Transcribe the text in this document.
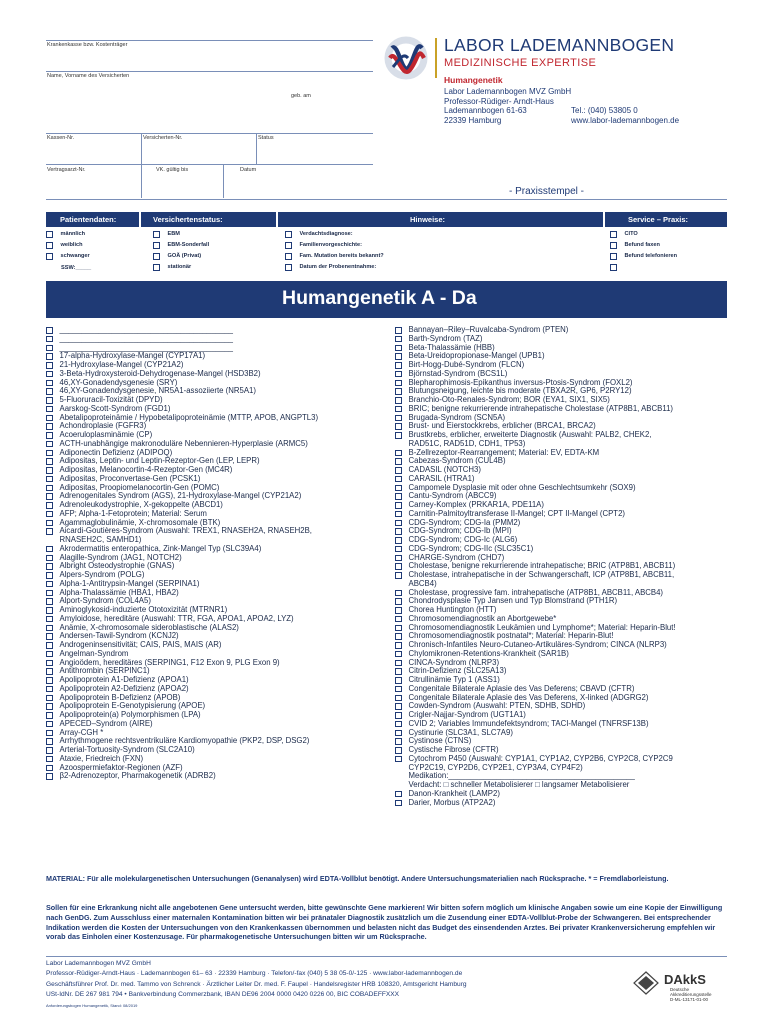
Krankenkasse bzw. Kostenträger
Name, Vorname des Versicherten
geb. am
Kassen-Nr.	Versicherten-Nr.	Status
Vertragsarzt-Nr.	VK. gültig bis	Datum
LABOR LADEMANNBOGEN
MEDIZINISCHE EXPERTISE
Humangenetik
Labor Lademannbogen MVZ GmbH
Professor-Rüdiger- Arndt-Haus
Lademannbogen 61-63
22339 Hamburg
Tel.: (040) 53805 0
www.labor-lademannbogen.de
- Praxisstempel -
Patientendaten:	Versichertenstatus:	Hinweise:	Service – Praxis:
männlich
weiblich
schwanger
SSW:_____
EBM
EBM-Sonderfall
GOÄ (Privat)
stationär
Verdachtsdiagnose:
Familienvorgeschichte:
Fam. Mutation bereits bekannt?
Datum der Probenentnahme:
CITO
Befund faxen
Befund telefonieren
Humangenetik A - Da
________________________________________
________________________________________
________________________________________
17-alpha-Hydroxylase-Mangel (CYP17A1)
21-Hydroxylase-Mangel (CYP21A2)
3-Beta-Hydroxysteroid-Dehydrogenase-Mangel (HSD3B2)
46,XY-Gonadendysgenesie (SRY)
46,XY-Gonadendysgenesie, NR5A1-assoziierte (NR5A1)
5-Fluoruracil-Toxizität (DPYD)
Aarskog-Scott-Syndrom (FGD1)
Abetalipoproteinämie / Hypobetalipoproteinämie (MTTP, APOB, ANGPTL3)
Achondroplasie (FGFR3)
Acoeruloplasminämie (CP)
ACTH-unabhängige makronoduläre Nebennieren-Hyperplasie (ARMC5)
Adiponectin Defizienz (ADIPOQ)
Adipositas, Leptin- und Leptin-Rezeptor-Gen (LEP, LEPR)
Adipositas, Melanocortin-4-Rezeptor-Gen (MC4R)
Adipositas, Proconvertase-Gen (PCSK1)
Adipositas, Proopiomelanocortin-Gen (POMC)
Adrenogenitales Syndrom (AGS), 21-Hydroxylase-Mangel (CYP21A2)
Adrenoleukodystrophie, X-gekoppelte (ABCD1)
AFP; Alpha-1-Fetoprotein; Material: Serum
Agammaglobulinämie, X-chromosomale (BTK)
Aicardi-Goutières-Syndrom (Auswahl: TREX1, RNASEH2A, RNASEH2B,
RNASEH2C, SAMHD1)
Akrodermatitis enteropathica, Zink-Mangel Typ (SLC39A4)
Alagille-Syndrom (JAG1, NOTCH2)
Albright Osteodystrophie (GNAS)
Alpers-Syndrom (POLG)
Alpha-1-Antitrypsin-Mangel (SERPINA1)
Alpha-Thalassämie (HBA1, HBA2)
Alport-Syndrom (COL4A5)
Aminoglykosid-induzierte Ototoxizität (MTRNR1)
Amyloidose, hereditäre (Auswahl: TTR, FGA, APOA1, APOA2, LYZ)
Anämie, X-chromosomale sideroblastische (ALAS2)
Andersen-Tawil-Syndrom (KCNJ2)
Androgeninsensitivität; CAIS, PAIS, MAIS (AR)
Angelman-Syndrom
Angioödem, hereditäres (SERPING1, F12 Exon 9, PLG Exon 9)
Antithrombin (SERPINC1)
Apolipoprotein A1-Defizienz (APOA1)
Apolipoprotein A2-Defizienz (APOA2)
Apolipoprotein B-Defizienz (APOB)
Apolipoprotein E-Genotypisierung (APOE)
Apolipoprotein(a) Polymorphismen (LPA)
APECED–Syndrom (AIRE)
Array-CGH *
Arrhythmogene rechtsventrikuläre Kardiomyopathie (PKP2, DSP, DSG2)
Arterial-Tortuosity-Syndrom (SLC2A10)
Ataxie, Friedreich (FXN)
Azoospermiefaktor-Regionen (AZF)
β2-Adrenozeptor, Pharmakogenetik (ADRB2)
Bannayan–Riley–Ruvalcaba-Syndrom (PTEN)
Barth-Syndrom (TAZ)
Beta-Thalassämie (HBB)
Beta-Ureidopropionase-Mangel (UPB1)
Birt-Hogg-Dubé-Syndrom (FLCN)
Björnstad-Syndrom (BCS1L)
Blepharophimosis-Epikanthus inversus-Ptosis-Syndrom (FOXL2)
Blutungsneigung, leichte bis moderate (TBXA2R, GP6, P2RY12)
Branchio-Oto-Renales-Syndrom; BOR (EYA1, SIX1, SIX5)
BRIC; benigne rekurrierende intrahepatische Cholestase (ATP8B1, ABCB11)
Brugada-Syndrom (SCN5A)
Brust- und Eierstockkrebs, erblicher (BRCA1, BRCA2)
Brustkrebs, erblicher, erweiterte Diagnostik (Auswahl: PALB2, CHEK2,
RAD51C, RAD51D, CDH1, TP53)
B-Zellrezeptor-Rearrangement; Material: EV, EDTA-KM
Cabezas-Syndrom (CUL4B)
CADASIL (NOTCH3)
CARASIL (HTRA1)
Campomele Dysplasie mit oder ohne Geschlechtsumkehr (SOX9)
Cantu-Syndrom (ABCC9)
Carney-Komplex (PRKAR1A, PDE11A)
Carnitin-Palmitoyltransferase II-Mangel; CPT II-Mangel (CPT2)
CDG-Syndrom; CDG-Ia (PMM2)
CDG-Syndrom; CDG-Ib (MPI)
CDG-Syndrom; CDG-Ic (ALG6)
CDG-Syndrom; CDG-IIc (SLC35C1)
CHARGE-Syndrom (CHD7)
Cholestase, benigne rekurrierende intrahepatische; BRIC (ATP8B1, ABCB11)
Cholestase, intrahepatische in der Schwangerschaft, ICP (ATP8B1, ABCB11,
ABCB4)
Cholestase, progressive fam. intrahepatische (ATP8B1, ABCB11, ABCB4)
Chondrodysplasie Typ Jansen und Typ Blomstrand (PTH1R)
Chorea Huntington (HTT)
Chromosomendiagnostik an Abortgewebe*
Chromosomendiagnostik Leukämien und Lymphome*; Material: Heparin-Blut!
Chromosomendiagnostik postnatal*; Material: Heparin-Blut!
Chronisch-Infantiles Neuro-Cutaneo-Artikuläres-Syndrom; CINCA (NLRP3)
Chylomikronen-Retentions-Krankheit (SAR1B)
CINCA-Syndrom (NLRP3)
Citrin-Defizienz (SLC25A13)
Citrullinämie Typ 1 (ASS1)
Congenitale Bilaterale Aplasie des Vas Deferens; CBAVD (CFTR)
Congenitale Bilaterale Aplasie des Vas Deferens, X-linked (ADGRG2)
Cowden-Syndrom (Auswahl: PTEN, SDHB, SDHD)
Crigler-Najjar-Syndrom (UGT1A1)
CVID 2; Variables Immundefektsyndrom; TACI-Mangel (TNFRSF13B)
Cystinurie (SLC3A1, SLC7A9)
Cystinose (CTNS)
Cystische Fibrose (CFTR)
Cytochrom P450 (Auswahl: CYP1A1, CYP1A2, CYP2B6, CYP2C8, CYP2C9
CYP2C19, CYP2D6, CYP2E1, CYP3A4, CYP4F2)
Medikation:___________________________________________
Verdacht: □ schneller Metabolisierer □ langsamer Metabolisierer
Danon-Krankheit (LAMP2)
Darier, Morbus (ATP2A2)
MATERIAL: Für alle molekulargenetischen Untersuchungen (Genanalysen) wird EDTA-Vollblut benötigt. Andere Untersuchungsmaterialien nach Rücksprache. * = Fremdlaborleistung.
Sollen für eine Erkrankung nicht alle angebotenen Gene untersucht werden, bitte gewünschte Gene markieren! Wir bitten sofern möglich um klinische Angaben sowie um eine Kopie der Einwilligung nach GenDG. Zum Ausschluss einer maternalen Kontamination bitten wir bei pränataler Diagnostik zusätzlich um die Zusendung einer EDTA-Vollblut-Probe der Schwangeren. Bei entsprechender Indikation werden die Kosten der Untersuchungen von den Krankenkassen übernommen und belasten nicht das Budget des einsendenden Arztes. Bei privater Krankenversicherung empfehlen wir vorab das Einholen einer Kostenzusage. Für pharmakogenetische Untersuchungen bitten wir um Rücksprache.
Labor Lademannbogen MVZ GmbH
Professor-Rüdiger-Arndt-Haus · Lademannbogen 61– 63 · 22339 Hamburg · Telefon/-fax (040) 5 38 05-0/-125 · www.labor-lademannbogen.de
Geschäftsführer Prof. Dr. med. Tammo von Schrenck · Ärztlicher Leiter Dr. med. F. Faupel · Handelsregister HRB 108320, Amtsgericht Hamburg
USt-IdNr. DE 267 981 794 • Bankverbindung Commerzbank, IBAN DE96 2004 0000 0420 0226 00, BIC COBADEFFXXX
Anforderungsbogen Humangenetik, Stand: 08/2019
DAkkS
Deutsche
Akkreditierungsstelle
D-ML-13171-01-00
